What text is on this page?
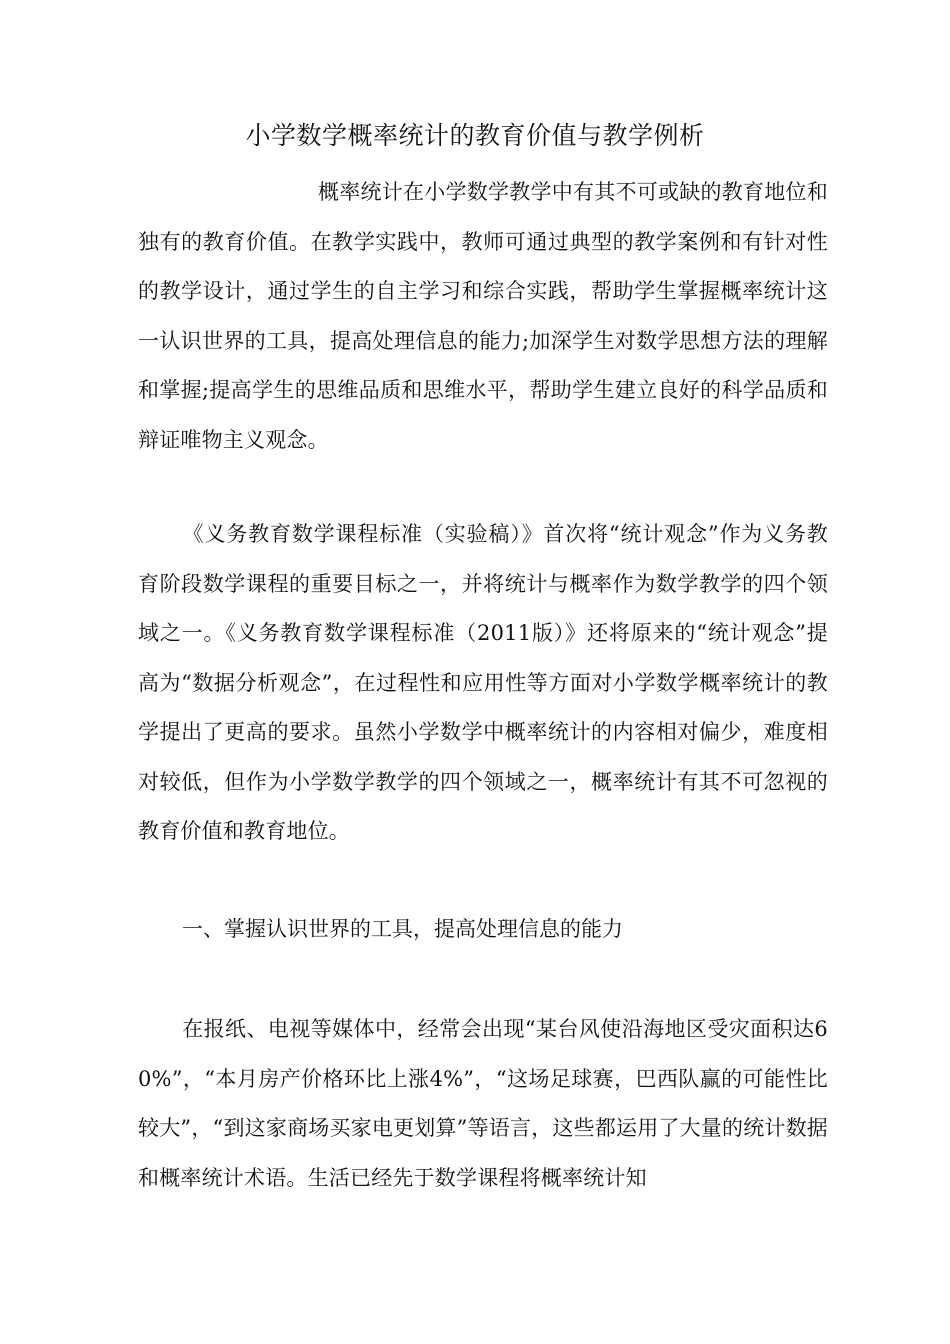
小学数学概率统计的教育价值与教学例析

概率统计在小学数学教学中有其不可或缺的教育地位和独有的教育价值。在教学实践中，教师可通过典型的教学案例和有针对性的教学设计，通过学生的自主学习和综合实践，帮助学生掌握概率统计这一认识世界的工具，提高处理信息的能力;加深学生对数学思想方法的理解和掌握;提高学生的思维品质和思维水平，帮助学生建立良好的科学品质和辩证唯物主义观念。

《义务教育数学课程标准（实验稿）》首次将“统计观念”作为义务教育阶段数学课程的重要目标之一，并将统计与概率作为数学教学的四个领域之一。《义务教育数学课程标准（2011版）》还将原来的“统计观念”提高为“数据分析观念”，在过程性和应用性等方面对小学数学概率统计的教学提出了更高的要求。虽然小学数学中概率统计的内容相对偏少，难度相对较低，但作为小学数学教学的四个领域之一，概率统计有其不可忽视的教育价值和教育地位。

一、掌握认识世界的工具，提高处理信息的能力

在报纸、电视等媒体中，经常会出现“某台风使沿海地区受灾面积达60%”，“本月房产价格环比上涨4%”，“这场足球赛，巴西队赢的可能性比较大”，“到这家商场买家电更划算”等语言，这些都运用了大量的统计数据和概率统计术语。生活已经先于数学课程将概率统计知
